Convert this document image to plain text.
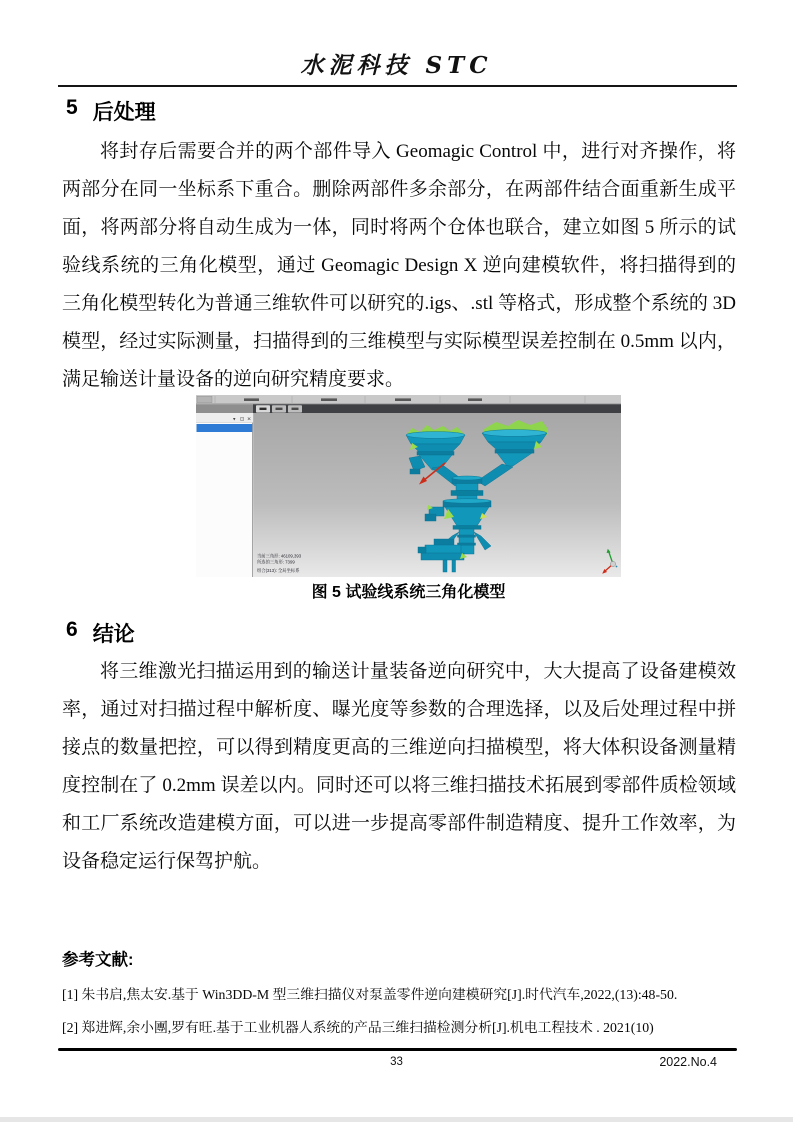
水泥科技 STC
5 后处理
将封存后需要合并的两个部件导入 Geomagic Control 中，进行对齐操作，将两部分在同一坐标系下重合。删除两部件多余部分，在两部件结合面重新生成平面，将两部分将自动生成为一体，同时将两个仓体也联合，建立如图 5 所示的试验线系统的三角化模型，通过 Geomagic Design X 逆向建模软件，将扫描得到的三角化模型转化为普通三维软件可以研究的.igs、.stl 等格式，形成整个系统的 3D 模型，经过实际测量，扫描得到的三维模型与实际模型误差控制在 0.5mm 以内，满足输送计量设备的逆向研究精度要求。
▾ ⊡ ✕
当前三角形: 46109,393
所选的三角形: 7399
组合(313): 全局坐标系
图 5 试验线系统三角化模型
6 结论
将三维激光扫描运用到的输送计量装备逆向研究中，大大提高了设备建模效率，通过对扫描过程中解析度、曝光度等参数的合理选择，以及后处理过程中拼接点的数量把控，可以得到精度更高的三维逆向扫描模型，将大体积设备测量精度控制在了 0.2mm 误差以内。同时还可以将三维扫描技术拓展到零部件质检领域和工厂系统改造建模方面，可以进一步提高零部件制造精度、提升工作效率，为设备稳定运行保驾护航。
参考文献:
[1] 朱书启,焦太安.基于 Win3DD-M 型三维扫描仪对泵盖零件逆向建模研究[J].时代汽车,2022,(13):48-50.
[2] 郑进辉,余小團,罗有旺.基于工业机器人系统的产品三维扫描检测分析[J].机电工程技术 . 2021(10)
33	2022.No.4
